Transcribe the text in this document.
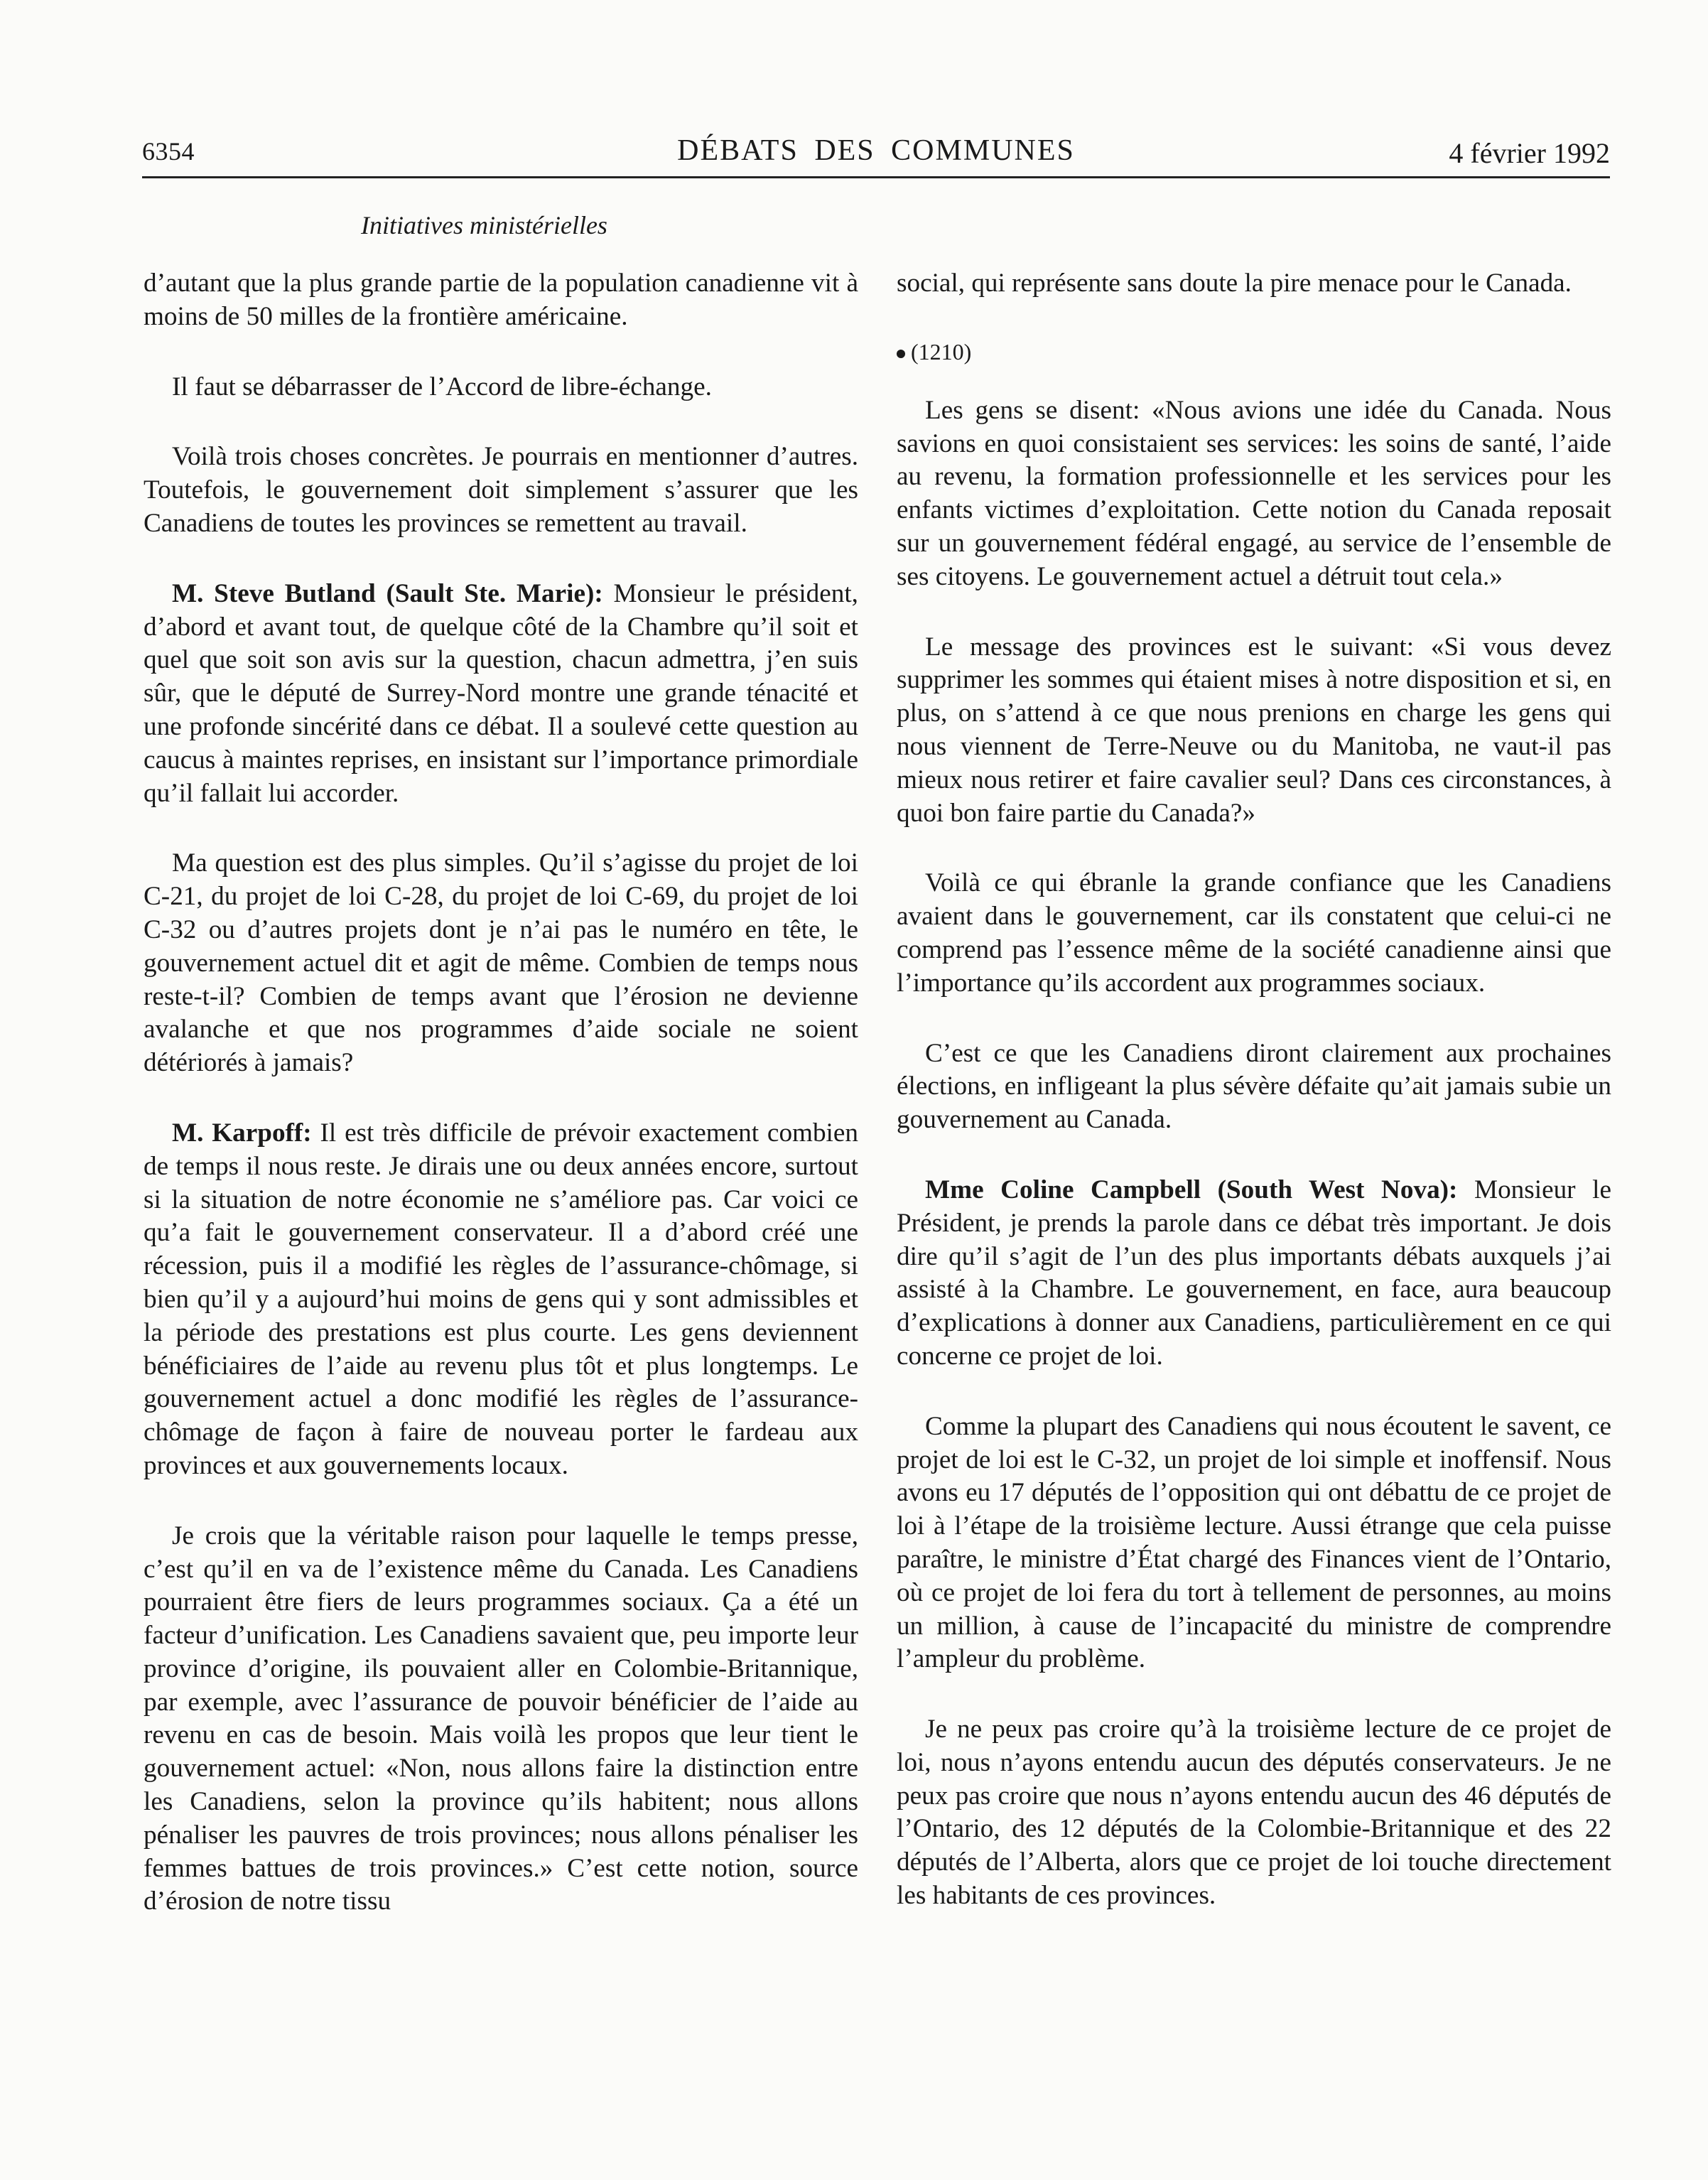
6354	DÉBATS DES COMMUNES	4 février 1992
Initiatives ministérielles

d’autant que la plus grande partie de la population canadienne vit à moins de 50 milles de la frontière américaine.

Il faut se débarrasser de l’Accord de libre-échange.

Voilà trois choses concrètes. Je pourrais en mentionner d’autres. Toutefois, le gouvernement doit simplement s’assurer que les Canadiens de toutes les provinces se remettent au travail.

M. Steve Butland (Sault Ste. Marie): Monsieur le président, d’abord et avant tout, de quelque côté de la Chambre qu’il soit et quel que soit son avis sur la question, chacun admettra, j’en suis sûr, que le député de Surrey-Nord montre une grande ténacité et une profonde sincérité dans ce débat. Il a soulevé cette question au caucus à maintes reprises, en insistant sur l’importance primordiale qu’il fallait lui accorder.

Ma question est des plus simples. Qu’il s’agisse du projet de loi C-21, du projet de loi C-28, du projet de loi C-69, du projet de loi C-32 ou d’autres projets dont je n’ai pas le numéro en tête, le gouvernement actuel dit et agit de même. Combien de temps nous reste-t-il? Combien de temps avant que l’érosion ne devienne avalanche et que nos programmes d’aide sociale ne soient détériorés à jamais?

M. Karpoff: Il est très difficile de prévoir exactement combien de temps il nous reste. Je dirais une ou deux années encore, surtout si la situation de notre économie ne s’améliore pas. Car voici ce qu’a fait le gouvernement conservateur. Il a d’abord créé une récession, puis il a modifié les règles de l’assurance-chômage, si bien qu’il y a aujourd’hui moins de gens qui y sont admissibles et la période des prestations est plus courte. Les gens deviennent bénéficiaires de l’aide au revenu plus tôt et plus longtemps. Le gouvernement actuel a donc modifié les règles de l’assurance-chômage de façon à faire de nouveau porter le fardeau aux provinces et aux gouvernements locaux.

Je crois que la véritable raison pour laquelle le temps presse, c’est qu’il en va de l’existence même du Canada. Les Canadiens pourraient être fiers de leurs programmes sociaux. Ça a été un facteur d’unification. Les Canadiens savaient que, peu importe leur province d’origine, ils pouvaient aller en Colombie-Britannique, par exemple, avec l’assurance de pouvoir bénéficier de l’aide au revenu en cas de besoin. Mais voilà les propos que leur tient le gouvernement actuel: «Non, nous allons faire la distinction entre les Canadiens, selon la province qu’ils habitent; nous allons pénaliser les pauvres de trois provinces; nous allons pénaliser les femmes battues de trois provinces.» C’est cette notion, source d’érosion de notre tissu

social, qui représente sans doute la pire menace pour le Canada.

(1210)

Les gens se disent: «Nous avions une idée du Canada. Nous savions en quoi consistaient ses services: les soins de santé, l’aide au revenu, la formation professionnelle et les services pour les enfants victimes d’exploitation. Cette notion du Canada reposait sur un gouvernement fédéral engagé, au service de l’ensemble de ses citoyens. Le gouvernement actuel a détruit tout cela.»

Le message des provinces est le suivant: «Si vous devez supprimer les sommes qui étaient mises à notre disposition et si, en plus, on s’attend à ce que nous prenions en charge les gens qui nous viennent de Terre-Neuve ou du Manitoba, ne vaut-il pas mieux nous retirer et faire cavalier seul? Dans ces circonstances, à quoi bon faire partie du Canada?»

Voilà ce qui ébranle la grande confiance que les Canadiens avaient dans le gouvernement, car ils constatent que celui-ci ne comprend pas l’essence même de la société canadienne ainsi que l’importance qu’ils accordent aux programmes sociaux.

C’est ce que les Canadiens diront clairement aux prochaines élections, en infligeant la plus sévère défaite qu’ait jamais subie un gouvernement au Canada.

Mme Coline Campbell (South West Nova): Monsieur le Président, je prends la parole dans ce débat très important. Je dois dire qu’il s’agit de l’un des plus importants débats auxquels j’ai assisté à la Chambre. Le gouvernement, en face, aura beaucoup d’explications à donner aux Canadiens, particulièrement en ce qui concerne ce projet de loi.

Comme la plupart des Canadiens qui nous écoutent le savent, ce projet de loi est le C-32, un projet de loi simple et inoffensif. Nous avons eu 17 députés de l’opposition qui ont débattu de ce projet de loi à l’étape de la troisième lecture. Aussi étrange que cela puisse paraître, le ministre d’État chargé des Finances vient de l’Ontario, où ce projet de loi fera du tort à tellement de personnes, au moins un million, à cause de l’incapacité du ministre de comprendre l’ampleur du problème.

Je ne peux pas croire qu’à la troisième lecture de ce projet de loi, nous n’ayons entendu aucun des députés conservateurs. Je ne peux pas croire que nous n’ayons entendu aucun des 46 députés de l’Ontario, des 12 députés de la Colombie-Britannique et des 22 députés de l’Alberta, alors que ce projet de loi touche directement les habitants de ces provinces.
